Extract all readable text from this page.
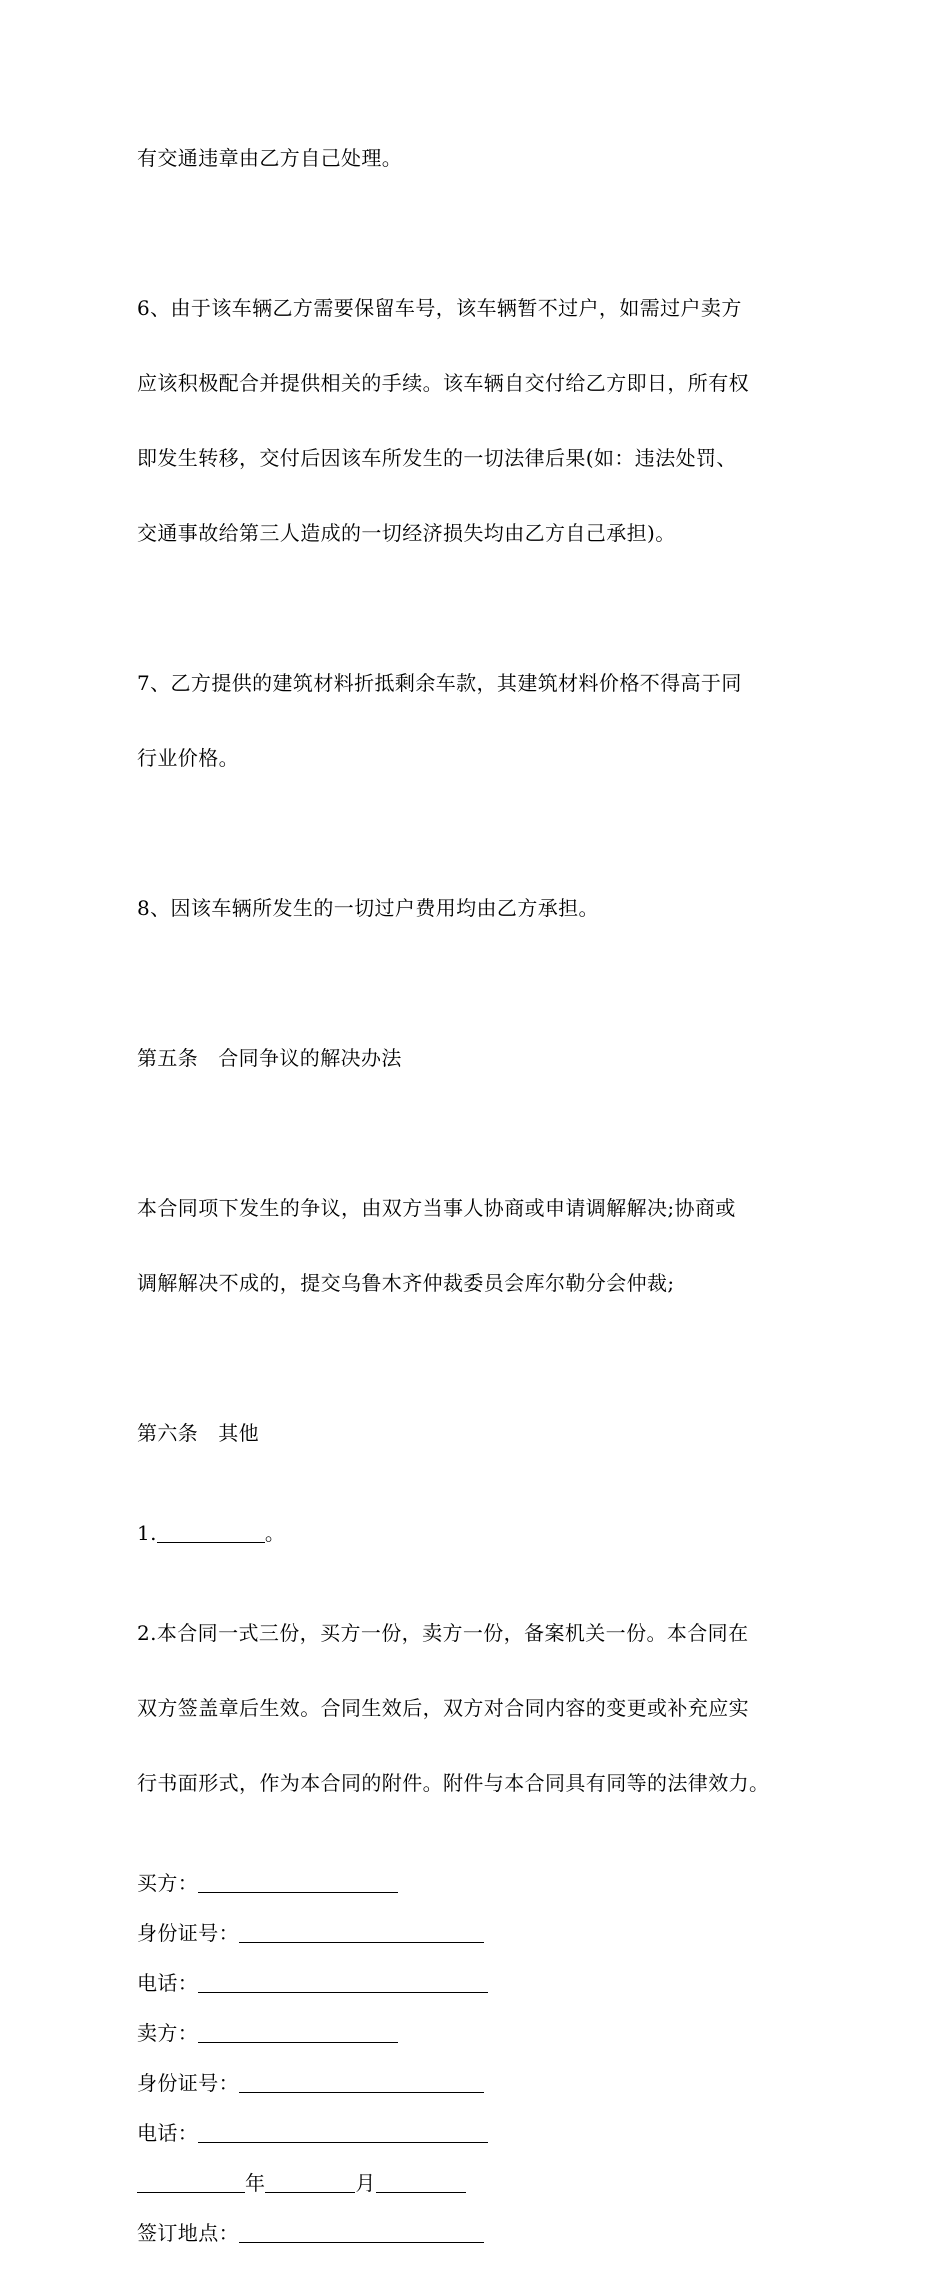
有交通违章由乙方自己处理。

6、由于该车辆乙方需要保留车号，该车辆暂不过户，如需过户卖方

应该积极配合并提供相关的手续。该车辆自交付给乙方即日，所有权

即发生转移，交付后因该车所发生的一切法律后果(如：违法处罚、

交通事故给第三人造成的一切经济损失均由乙方自己承担)。

7、乙方提供的建筑材料折抵剩余车款，其建筑材料价格不得高于同

行业价格。

8、因该车辆所发生的一切过户费用均由乙方承担。

第五条 合同争议的解决办法

本合同项下发生的争议，由双方当事人协商或申请调解解决;协商或

调解解决不成的，提交乌鲁木齐仲裁委员会库尔勒分会仲裁;

第六条 其他

1.	。

2.本合同一式三份，买方一份，卖方一份，备案机关一份。本合同在

双方签盖章后生效。合同生效后，双方对合同内容的变更或补充应实

行书面形式，作为本合同的附件。附件与本合同具有同等的法律效力。

买方：
身份证号：
电话：
卖方：
身份证号：
电话：
年	月
签订地点：
